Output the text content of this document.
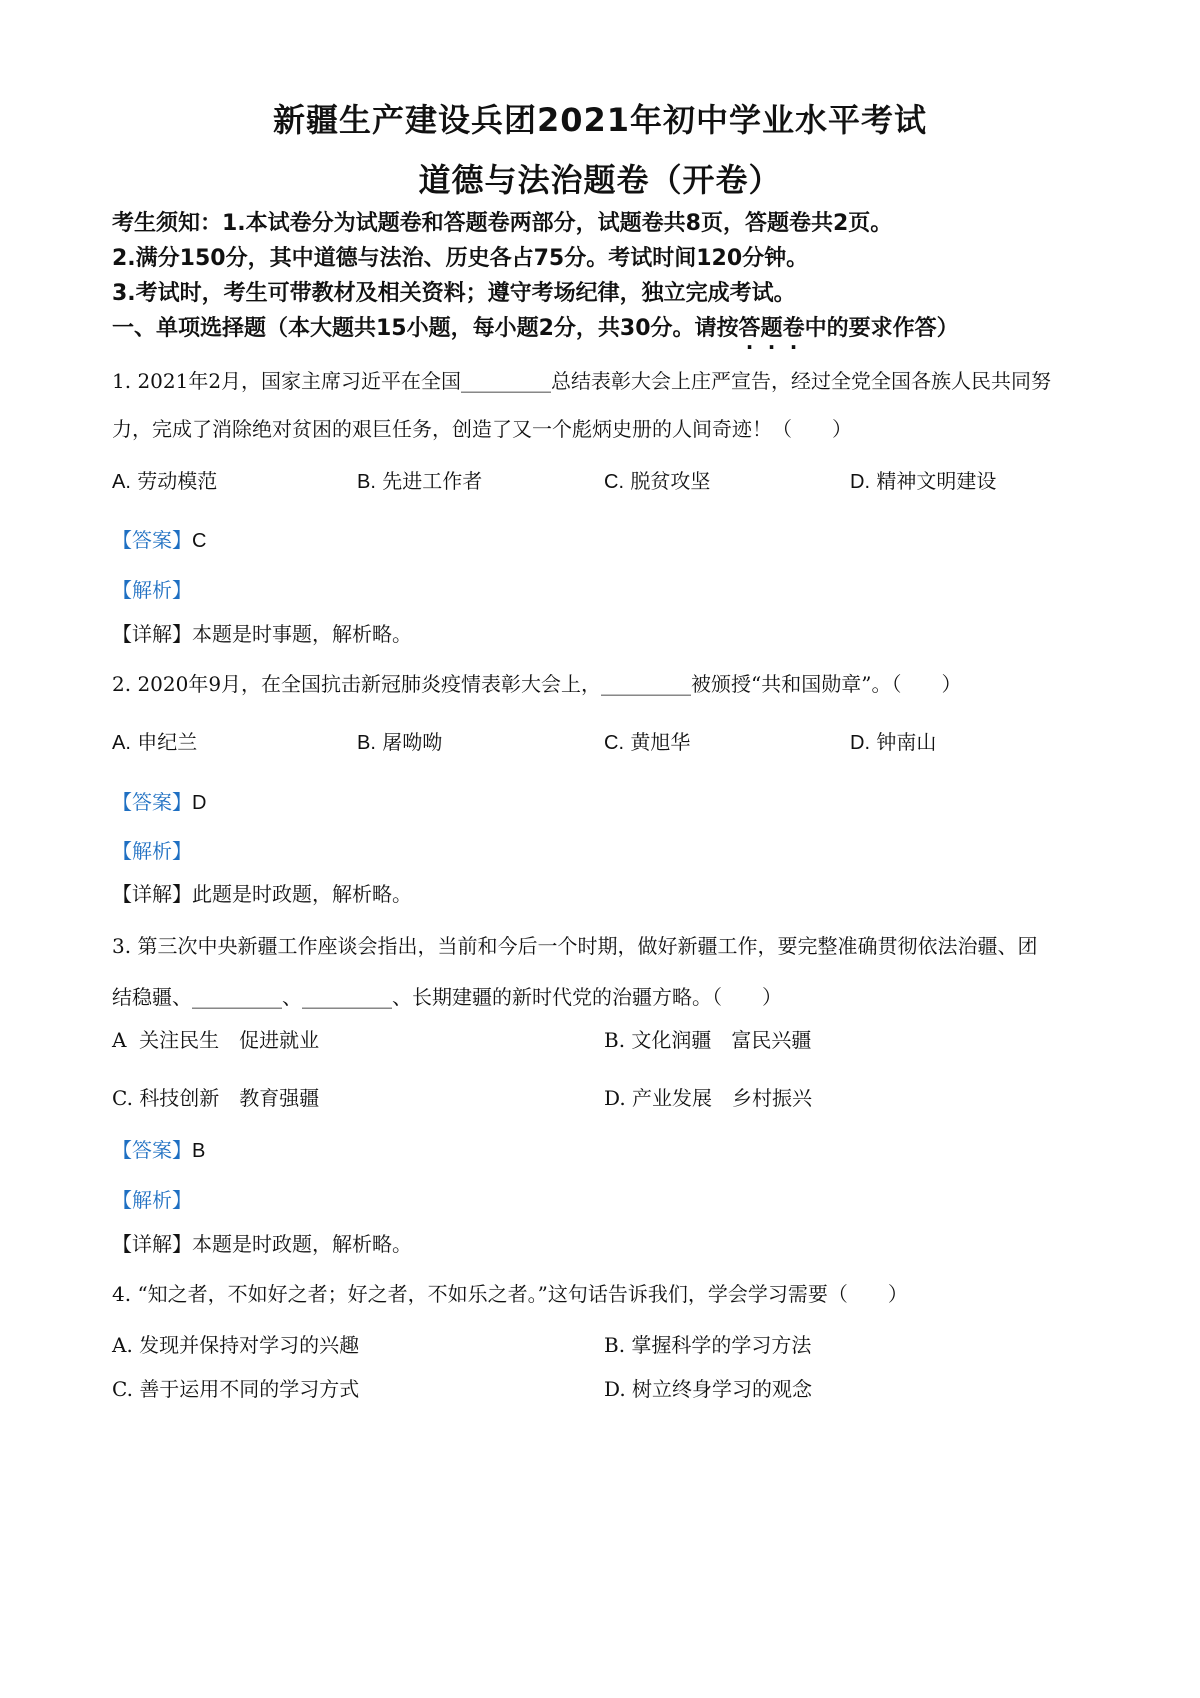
新疆生产建设兵团2021年初中学业水平考试
道德与法治题卷（开卷）
考生须知：1.本试卷分为试题卷和答题卷两部分，试题卷共8页，答题卷共2页。
2.满分150分，其中道德与法治、历史各占75分。考试时间120分钟。
3.考试时，考生可带教材及相关资料；遵守考场纪律，独立完成考试。
一、单项选择题（本大题共15小题，每小题2分，共30分。请按答题卷中的要求作答）
1. 2021年2月，国家主席习近平在全国_________总结表彰大会上庄严宣告，经过全党全国各族人民共同努
力，完成了消除绝对贫困的艰巨任务，创造了又一个彪炳史册的人间奇迹！（　　）
A. 劳动模范	B. 先进工作者	C. 脱贫攻坚	D. 精神文明建设
【答案】C
【解析】
【详解】本题是时事题，解析略。
2. 2020年9月，在全国抗击新冠肺炎疫情表彰大会上，_________被颁授“共和国勋章”。（　　）
A. 申纪兰	B. 屠呦呦	C. 黄旭华	D. 钟南山
【答案】D
【解析】
【详解】此题是时政题，解析略。
3. 第三次中央新疆工作座谈会指出，当前和今后一个时期，做好新疆工作，要完整准确贯彻依法治疆、团
结稳疆、_________、_________、长期建疆的新时代党的治疆方略。（　　）
A 关注民生　促进就业	B. 文化润疆　富民兴疆
C. 科技创新　教育强疆	D. 产业发展　乡村振兴
【答案】B
【解析】
【详解】本题是时政题，解析略。
4. “知之者，不如好之者；好之者，不如乐之者。”这句话告诉我们，学会学习需要（　　）
A. 发现并保持对学习的兴趣	B. 掌握科学的学习方法
C. 善于运用不同的学习方式	D. 树立终身学习的观念
